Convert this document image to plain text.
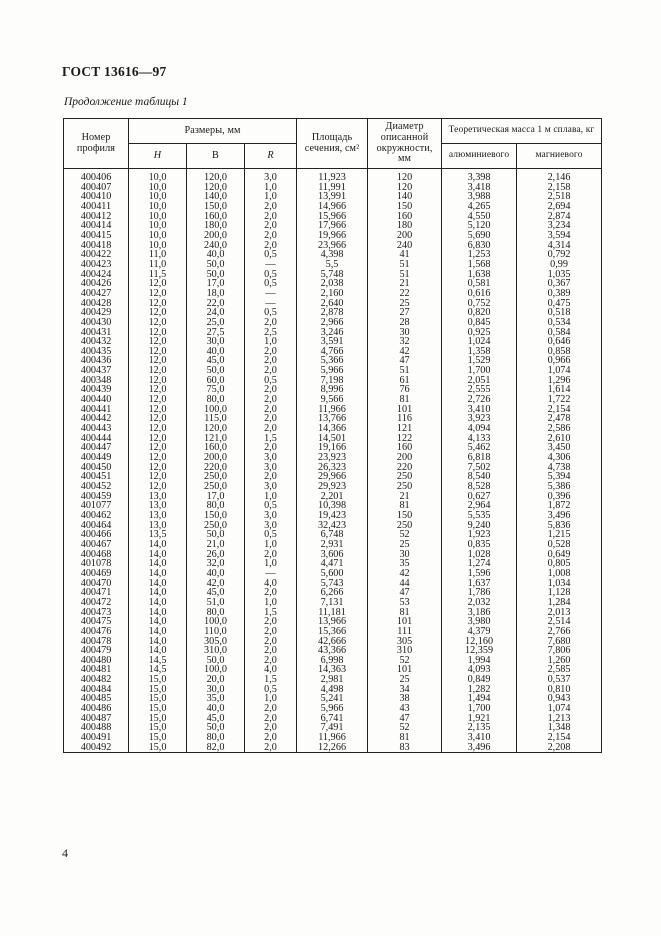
ГОСТ 13616—97
Продолжение таблицы 1
Номер профиля	Размеры, мм			Площадь сечения, см²	Диаметр описанной окружности, мм	Теоретическая масса 1 м сплава, кг	
	H	B	R			алюминиевого	магниевого
400406	10,0	120,0	3,0	11,923	120	3,398	2,146
400407	10,0	120,0	1,0	11,991	120	3,418	2,158
400410	10,0	140,0	1,0	13,991	140	3,988	2,518
400411	10,0	150,0	2,0	14,966	150	4,265	2,694
400412	10,0	160,0	2,0	15,966	160	4,550	2,874
400414	10,0	180,0	2,0	17,966	180	5,120	3,234
400415	10,0	200,0	2,0	19,966	200	5,690	3,594
400418	10,0	240,0	2,0	23,966	240	6,830	4,314
400422	11,0	40,0	0,5	4,398	41	1,253	0,792
400423	11,0	50,0	—	5,5	51	1,568	0,99
400424	11,5	50,0	0,5	5,748	51	1,638	1,035
400426	12,0	17,0	0,5	2,038	21	0,581	0,367
400427	12,0	18,0	—	2,160	22	0,616	0,389
400428	12,0	22,0	—	2,640	25	0,752	0,475
400429	12,0	24,0	0,5	2,878	27	0,820	0,518
400430	12,0	25,0	2,0	2,966	28	0,845	0,534
400431	12,0	27,5	2,5	3,246	30	0,925	0,584
400432	12,0	30,0	1,0	3,591	32	1,024	0,646
400435	12,0	40,0	2,0	4,766	42	1,358	0,858
400436	12,0	45,0	2,0	5,366	47	1,529	0,966
400437	12,0	50,0	2,0	5,966	51	1,700	1,074
400348	12,0	60,0	0,5	7,198	61	2,051	1,296
400439	12,0	75,0	2,0	8,996	76	2,555	1,614
400440	12,0	80,0	2,0	9,566	81	2,726	1,722
400441	12,0	100,0	2,0	11,966	101	3,410	2,154
400442	12,0	115,0	2,0	13,766	116	3,923	2,478
400443	12,0	120,0	2,0	14,366	121	4,094	2,586
400444	12,0	121,0	1,5	14,501	122	4,133	2,610
400447	12,0	160,0	2,0	19,166	160	5,462	3,450
400449	12,0	200,0	3,0	23,923	200	6,818	4,306
400450	12,0	220,0	3,0	26,323	220	7,502	4,738
400451	12,0	250,0	2,0	29,966	250	8,540	5,394
400452	12,0	250,0	3,0	29,923	250	8,528	5,386
400459	13,0	17,0	1,0	2,201	21	0,627	0,396
401077	13,0	80,0	0,5	10,398	81	2,964	1,872
400462	13,0	150,0	3,0	19,423	150	5,535	3,496
400464	13,0	250,0	3,0	32,423	250	9,240	5,836
400466	13,5	50,0	0,5	6,748	52	1,923	1,215
400467	14,0	21,0	1,0	2,931	25	0,835	0,528
400468	14,0	26,0	2,0	3,606	30	1,028	0,649
401078	14,0	32,0	1,0	4,471	35	1,274	0,805
400469	14,0	40,0	—	5,600	42	1,596	1,008
400470	14,0	42,0	4,0	5,743	44	1,637	1,034
400471	14,0	45,0	2,0	6,266	47	1,786	1,128
400472	14,0	51,0	1,0	7,131	53	2,032	1,284
400473	14,0	80,0	1,5	11,181	81	3,186	2,013
400475	14,0	100,0	2,0	13,966	101	3,980	2,514
400476	14,0	110,0	2,0	15,366	111	4,379	2,766
400478	14,0	305,0	2,0	42,666	305	12,160	7,680
400479	14,0	310,0	2,0	43,366	310	12,359	7,806
400480	14,5	50,0	2,0	6,998	52	1,994	1,260
400481	14,5	100,0	4,0	14,363	101	4,093	2,585
400482	15,0	20,0	1,5	2,981	25	0,849	0,537
400484	15,0	30,0	0,5	4,498	34	1,282	0,810
400485	15,0	35,0	1,0	5,241	38	1,494	0,943
400486	15,0	40,0	2,0	5,966	43	1,700	1,074
400487	15,0	45,0	2,0	6,741	47	1,921	1,213
400488	15,0	50,0	2,0	7,491	52	2,135	1,348
400491	15,0	80,0	2,0	11,966	81	3,410	2,154
400492	15,0	82,0	2,0	12,266	83	3,496	2,208
4
